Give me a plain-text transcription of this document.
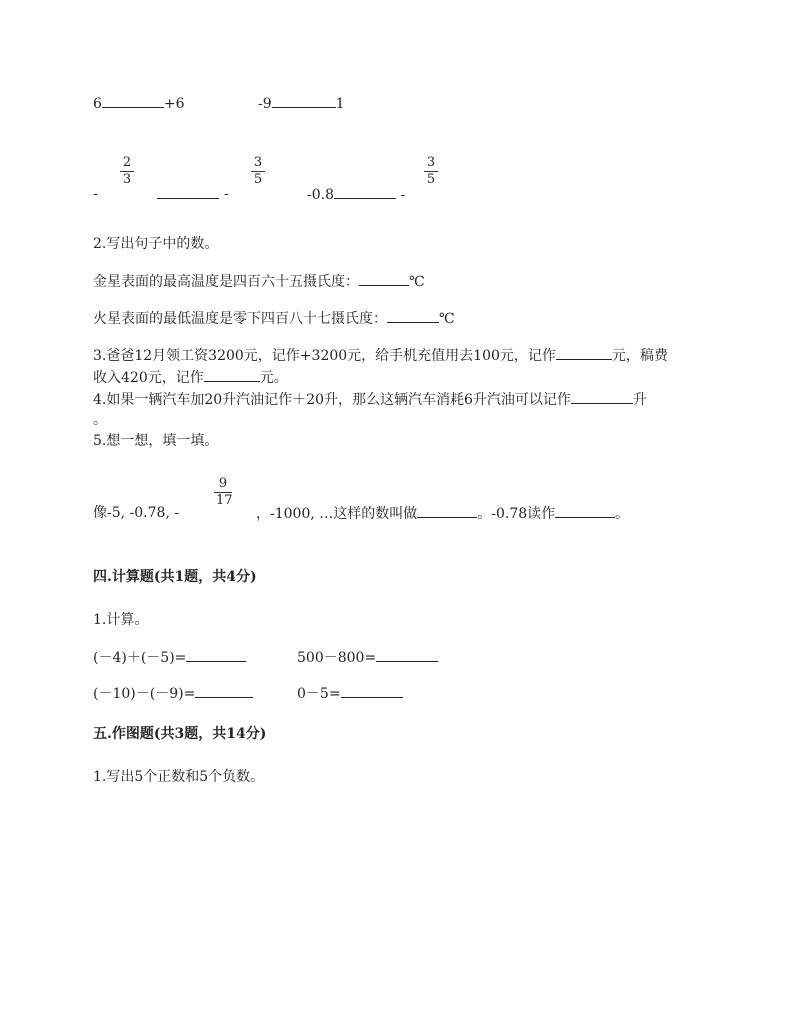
6	+6	-9	1
-
2
3
-
3
5
-0.8	-
3
5
2.写出句子中的数。
金星表面的最高温度是四百六十五摄氏度：	℃
火星表面的最低温度是零下四百八十七摄氏度：	℃
3.爸爸12月领工资3200元，记作+3200元，给手机充值用去100元，记作	元，稿费
收入420元，记作	元。
4.如果一辆汽车加20升汽油记作＋20升，那么这辆汽车消耗6升汽油可以记作	升
。
5.想一想，填一填。
9
17
像-5, -0.78, -	，-1000, …这样的数叫做	。-0.78读作	。
四.计算题(共1题，共4分)
1.计算。
(－4)＋(－5)=	500－800=
(－10)－(－9)=	0－5=
五.作图题(共3题，共14分)
1.写出5个正数和5个负数。
